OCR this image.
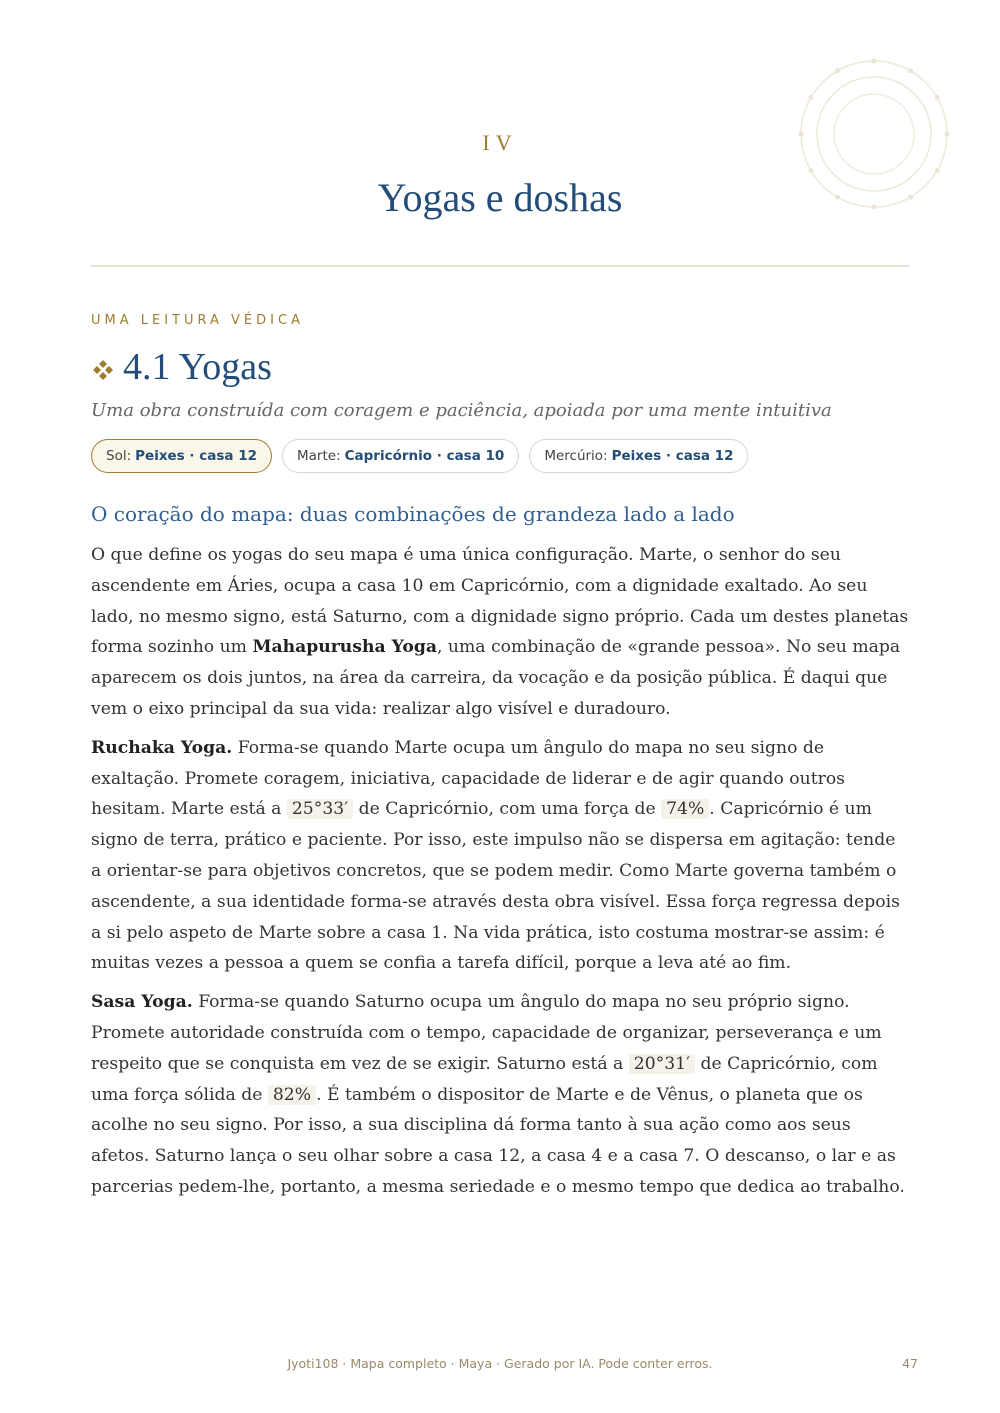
IV
Yogas e doshas
UMA LEITURA VÉDICA
4.1 Yogas
Uma obra construída com coragem e paciência, apoiada por uma mente intuitiva
Sol: Peixes · casa 12	Marte: Capricórnio · casa 10	Mercúrio: Peixes · casa 12
O coração do mapa: duas combinações de grandeza lado a lado

O que define os yogas do seu mapa é uma única configuração. Marte, o senhor do seu ascendente em Áries, ocupa a casa 10 em Capricórnio, com a dignidade exaltado. Ao seu lado, no mesmo signo, está Saturno, com a dignidade signo próprio. Cada um destes planetas forma sozinho um Mahapurusha Yoga, uma combinação de «grande pessoa». No seu mapa aparecem os dois juntos, na área da carreira, da vocação e da posição pública. É daqui que vem o eixo principal da sua vida: realizar algo visível e duradouro.

Ruchaka Yoga. Forma-se quando Marte ocupa um ângulo do mapa no seu signo de exaltação. Promete coragem, iniciativa, capacidade de liderar e de agir quando outros hesitam. Marte está a 25°33′ de Capricórnio, com uma força de 74% . Capricórnio é um signo de terra, prático e paciente. Por isso, este impulso não se dispersa em agitação: tende a orientar-se para objetivos concretos, que se podem medir. Como Marte governa também o ascendente, a sua identidade forma-se através desta obra visível. Essa força regressa depois a si pelo aspeto de Marte sobre a casa 1. Na vida prática, isto costuma mostrar-se assim: é muitas vezes a pessoa a quem se confia a tarefa difícil, porque a leva até ao fim.

Sasa Yoga. Forma-se quando Saturno ocupa um ângulo do mapa no seu próprio signo. Promete autoridade construída com o tempo, capacidade de organizar, perseverança e um respeito que se conquista em vez de se exigir. Saturno está a 20°31′ de Capricórnio, com uma força sólida de 82% . É também o dispositor de Marte e de Vênus, o planeta que os acolhe no seu signo. Por isso, a sua disciplina dá forma tanto à sua ação como aos seus afetos. Saturno lança o seu olhar sobre a casa 12, a casa 4 e a casa 7. O descanso, o lar e as parcerias pedem-lhe, portanto, a mesma seriedade e o mesmo tempo que dedica ao trabalho.

Jyoti108 · Mapa completo · Maya · Gerado por IA. Pode conter erros.	47
